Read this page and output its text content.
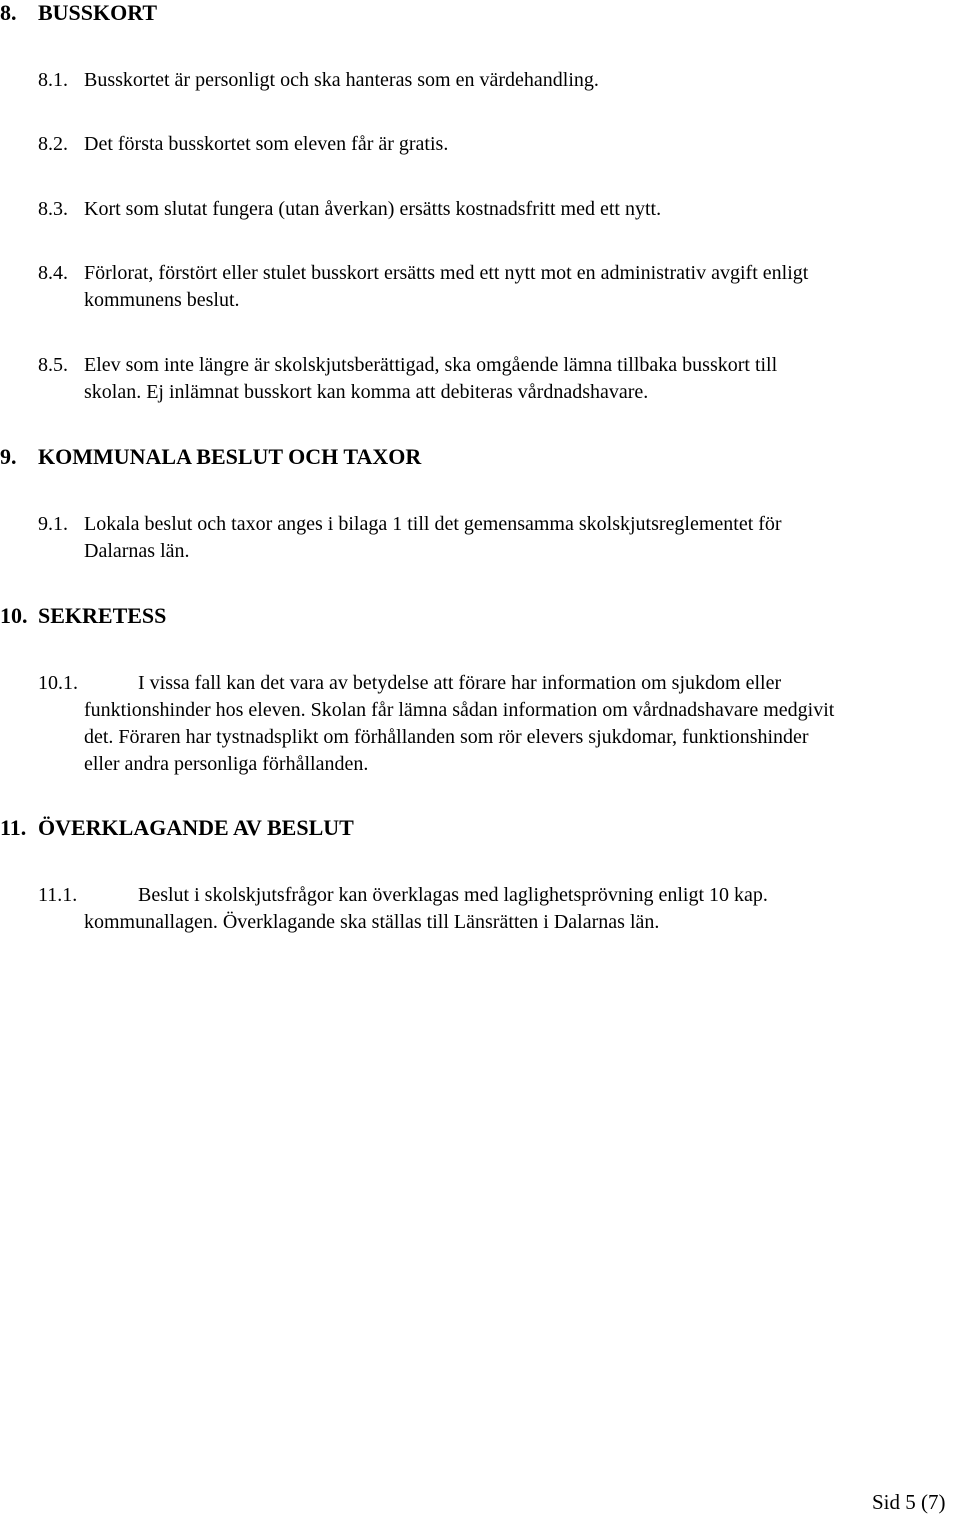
8. BUSSKORT
8.1. Busskortet är personligt och ska hanteras som en värdehandling.
8.2. Det första busskortet som eleven får är gratis.
8.3. Kort som slutat fungera (utan åverkan) ersätts kostnadsfritt med ett nytt.
8.4. Förlorat, förstört eller stulet busskort ersätts med ett nytt mot en administrativ avgift enligt
kommunens beslut.
8.5. Elev som inte längre är skolskjutsberättigad, ska omgående lämna tillbaka busskort till
skolan. Ej inlämnat busskort kan komma att debiteras vårdnadshavare.
9. KOMMUNALA BESLUT OCH TAXOR
9.1. Lokala beslut och taxor anges i bilaga 1 till det gemensamma skolskjutsreglementet för
Dalarnas län.
10. SEKRETESS
10.1.	I vissa fall kan det vara av betydelse att förare har information om sjukdom eller
funktionshinder hos eleven. Skolan får lämna sådan information om vårdnadshavare medgivit
det. Föraren har tystnadsplikt om förhållanden som rör elevers sjukdomar, funktionshinder
eller andra personliga förhållanden.
11. ÖVERKLAGANDE AV BESLUT
11.1.	Beslut i skolskjutsfrågor kan överklagas med laglighetsprövning enligt 10 kap.
kommunallagen. Överklagande ska ställas till Länsrätten i Dalarnas län.
Sid 5 (7)
